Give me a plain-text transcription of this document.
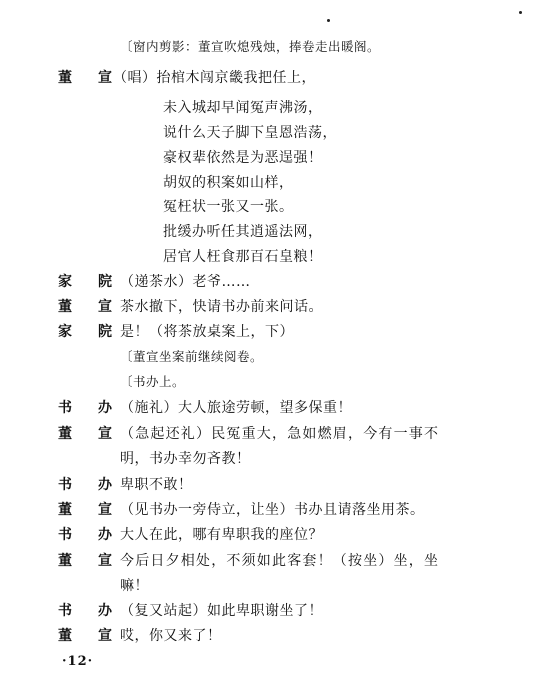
〔窗内剪影：董宣吹熄残烛，捧卷走出暖阁。
董　宣
（唱）抬棺木闯京畿我把任上，
未入城却早闻冤声沸汤，
说什么天子脚下皇恩浩荡，
豪权辈依然是为恶逞强！
胡奴的积案如山样，
冤枉状一张又一张。
批缓办听任其逍遥法网，
居官人枉食那百石皇粮！
家　院 （递茶水）老爷……
董　宣 茶水撤下，快请书办前来问话。
家　院 是！（将茶放桌案上，下）
〔董宣坐案前继续阅卷。
〔书办上。
书　办 （施礼）大人旅途劳顿，望多保重！
董　宣 （急起还礼）民冤重大，急如燃眉，今有一事不
明，书办幸勿吝教！
书　办 卑职不敢！
董　宣 （见书办一旁侍立，让坐）书办且请落坐用茶。
书　办 大人在此，哪有卑职我的座位？
董　宣 今后日夕相处，不须如此客套！（按坐）坐，坐
嘛！
书　办 （复又站起）如此卑职谢坐了！
董　宣 哎，你又来了！
·12·
